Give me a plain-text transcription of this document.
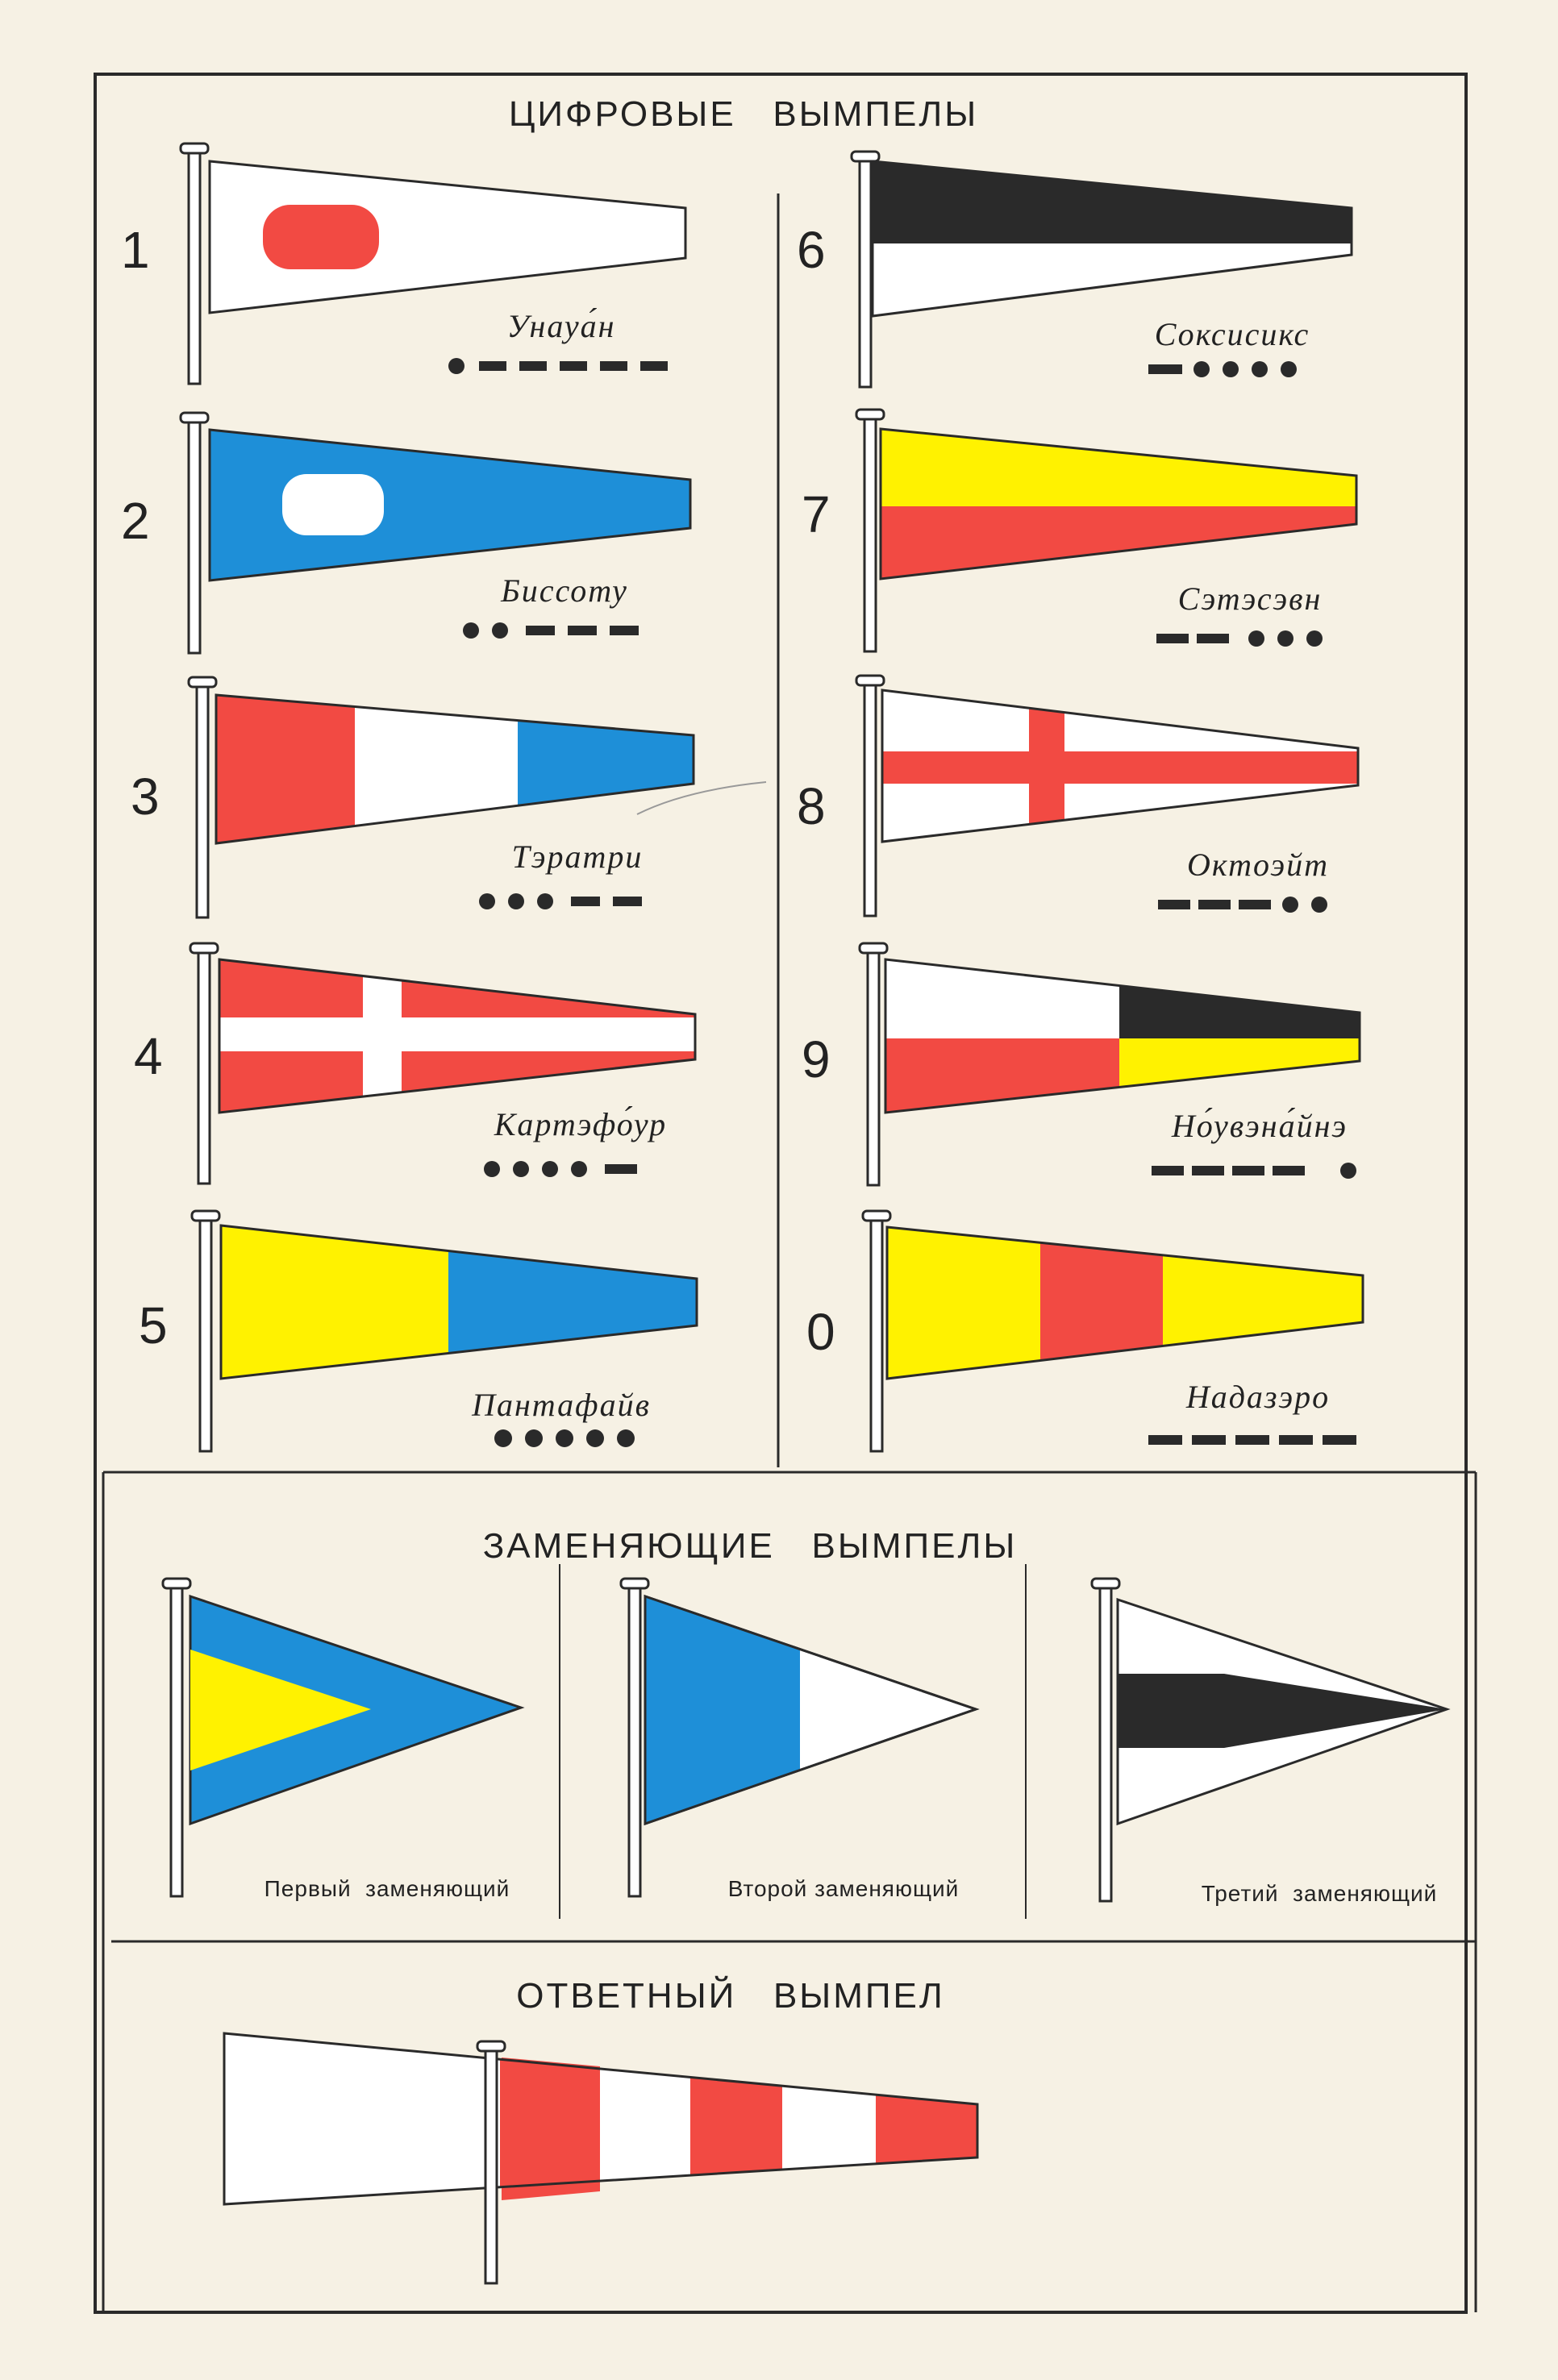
ЦИФРОВЫЕ   ВЫМПЕЛЫ
ЗАМЕНЯЮЩИЕ   ВЫМПЕЛЫ
ОТВЕТНЫЙ   ВЫМПЕЛ
1
Унауа́н
2
Биссоту
3
Тэратри
4
Картэфо́ур
5
Пантафайв
6
Соксисикс
7
Сэтэсэвн
8
Октоэйт
9
Но́увэна́йнэ
0
Надазэро
Первый  заменяющий	Второй заменяющий	Третий  заменяющий
